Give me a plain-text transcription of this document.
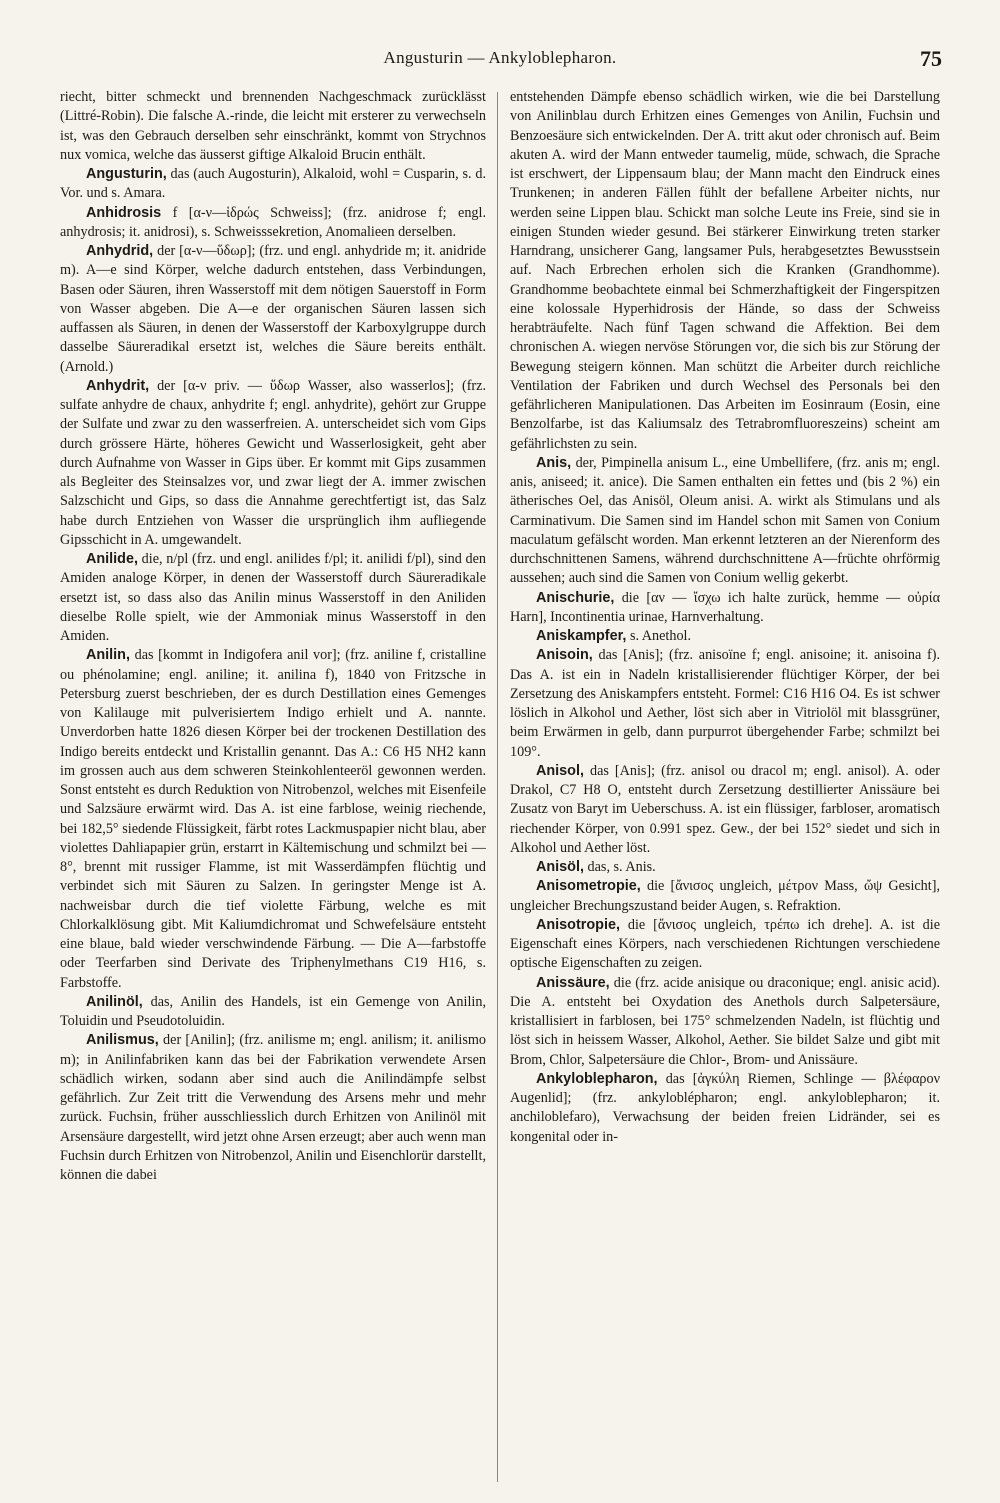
Angusturin — Ankyloblepharon.	75

riecht, bitter schmeckt und brennenden Nachgeschmack zurücklässt (Littré-Robin). Die falsche A.-rinde, die leicht mit ersterer zu verwechseln ist, was den Gebrauch derselben sehr einschränkt, kommt von Strychnos nux vomica, welche das äusserst giftige Alkaloid Brucin enthält.

Angusturin, das (auch Augosturin), Alkaloid, wohl = Cusparin, s. d. Vor. und s. Amara.

Anhidrosis f [α-ν—ἱδρώς Schweiss]; (frz. anidrose f; engl. anhydrosis; it. anidrosi), s. Schweisssekretion, Anomalieen derselben.

Anhydrid, der [α-ν—ὕδωρ]; (frz. und engl. anhydride m; it. anidride m). A—e sind Körper, welche dadurch entstehen, dass Verbindungen, Basen oder Säuren, ihren Wasserstoff mit dem nötigen Sauerstoff in Form von Wasser abgeben. Die A—e der organischen Säuren lassen sich auffassen als Säuren, in denen der Wasserstoff der Karboxylgruppe durch dasselbe Säureradikal ersetzt ist, welches die Säure bereits enthält. (Arnold.)

Anhydrit, der [α-ν priv. — ὕδωρ Wasser, also wasserlos]; (frz. sulfate anhydre de chaux, anhydrite f; engl. anhydrite), gehört zur Gruppe der Sulfate und zwar zu den wasserfreien. A. unterscheidet sich vom Gips durch grössere Härte, höheres Gewicht und Wasserlosigkeit, geht aber durch Aufnahme von Wasser in Gips über. Er kommt mit Gips zusammen als Begleiter des Steinsalzes vor, und zwar liegt der A. immer zwischen Salzschicht und Gips, so dass die Annahme gerechtfertigt ist, das Salz habe durch Entziehen von Wasser die ursprünglich ihm aufliegende Gipsschicht in A. umgewandelt.

Anilide, die, n/pl (frz. und engl. anilides f/pl; it. anilidi f/pl), sind den Amiden analoge Körper, in denen der Wasserstoff durch Säureradikale ersetzt ist, so dass also das Anilin minus Wasserstoff in den Aniliden dieselbe Rolle spielt, wie der Ammoniak minus Wasserstoff in den Amiden.

Anilin, das [kommt in Indigofera anil vor]; (frz. aniline f, cristalline ou phénolamine; engl. aniline; it. anilina f), 1840 von Fritzsche in Petersburg zuerst beschrieben, der es durch Destillation eines Gemenges von Kalilauge mit pulverisiertem Indigo erhielt und A. nannte. Unverdorben hatte 1826 diesen Körper bei der trockenen Destillation des Indigo bereits entdeckt und Kristallin genannt. Das A.: C6 H5 NH2 kann im grossen auch aus dem schweren Steinkohlenteeröl gewonnen werden. Sonst entsteht es durch Reduktion von Nitrobenzol, welches mit Eisenfeile und Salzsäure erwärmt wird. Das A. ist eine farblose, weinig riechende, bei 182,5° siedende Flüssigkeit, färbt rotes Lackmuspapier nicht blau, aber violettes Dahliapapier grün, erstarrt in Kältemischung und schmilzt bei —8°, brennt mit russiger Flamme, ist mit Wasserdämpfen flüchtig und verbindet sich mit Säuren zu Salzen. In geringster Menge ist A. nachweisbar durch die tief violette Färbung, welche es mit Chlorkalklösung gibt. Mit Kaliumdichromat und Schwefelsäure entsteht eine blaue, bald wieder verschwindende Färbung. — Die A—farbstoffe oder Teerfarben sind Derivate des Triphenylmethans C19 H16, s. Farbstoffe.

Anilinöl, das, Anilin des Handels, ist ein Gemenge von Anilin, Toluidin und Pseudotoluidin.

Anilismus, der [Anilin]; (frz. anilisme m; engl. anilism; it. anilismo m); in Anilinfabriken kann das bei der Fabrikation verwendete Arsen schädlich wirken, sodann aber sind auch die Anilindämpfe selbst gefährlich. Zur Zeit tritt die Verwendung des Arsens mehr und mehr zurück. Fuchsin, früher ausschliesslich durch Erhitzen von Anilinöl mit Arsensäure dargestellt, wird jetzt ohne Arsen erzeugt; aber auch wenn man Fuchsin durch Erhitzen von Nitrobenzol, Anilin und Eisenchlorür darstellt, können die dabei

entstehenden Dämpfe ebenso schädlich wirken, wie die bei Darstellung von Anilinblau durch Erhitzen eines Gemenges von Anilin, Fuchsin und Benzoesäure sich entwickelnden. Der A. tritt akut oder chronisch auf. Beim akuten A. wird der Mann entweder taumelig, müde, schwach, die Sprache ist erschwert, der Lippensaum blau; der Mann macht den Eindruck eines Trunkenen; in anderen Fällen fühlt der befallene Arbeiter nichts, nur werden seine Lippen blau. Schickt man solche Leute ins Freie, sind sie in einigen Stunden wieder gesund. Bei stärkerer Einwirkung treten starker Harndrang, unsicherer Gang, langsamer Puls, herabgesetztes Bewusstsein auf. Nach Erbrechen erholen sich die Kranken (Grandhomme). Grandhomme beobachtete einmal bei Schmerzhaftigkeit der Fingerspitzen eine kolossale Hyperhidrosis der Hände, so dass der Schweiss herabträufelte. Nach fünf Tagen schwand die Affektion. Bei dem chronischen A. wiegen nervöse Störungen vor, die sich bis zur Störung der Bewegung steigern können. Man schützt die Arbeiter durch reichliche Ventilation der Fabriken und durch Wechsel des Personals bei den gefährlicheren Manipulationen. Das Arbeiten im Eosinraum (Eosin, eine Benzolfarbe, ist das Kaliumsalz des Tetrabromfluoreszeins) scheint am gefährlichsten zu sein.

Anis, der, Pimpinella anisum L., eine Umbellifere, (frz. anis m; engl. anis, aniseed; it. anice). Die Samen enthalten ein fettes und (bis 2 %) ein ätherisches Oel, das Anisöl, Oleum anisi. A. wirkt als Stimulans und als Carminativum. Die Samen sind im Handel schon mit Samen von Conium maculatum gefälscht worden. Man erkennt letzteren an der Nierenform des durchschnittenen Samens, während durchschnittene A—früchte ohrförmig aussehen; auch sind die Samen von Conium wellig gekerbt.

Anischurie, die [αν — ἴσχω ich halte zurück, hemme — οὐρία Harn], Incontinentia urinae, Harnverhaltung.

Aniskampfer, s. Anethol.

Anisoin, das [Anis]; (frz. anisoïne f; engl. anisoine; it. anisoina f). Das A. ist ein in Nadeln kristallisierender flüchtiger Körper, der bei Zersetzung des Aniskampfers entsteht. Formel: C16 H16 O4. Es ist schwer löslich in Alkohol und Aether, löst sich aber in Vitriolöl mit blassgrüner, beim Erwärmen in gelb, dann purpurrot übergehender Farbe; schmilzt bei 109°.

Anisol, das [Anis]; (frz. anisol ou dracol m; engl. anisol). A. oder Drakol, C7 H8 O, entsteht durch Zersetzung destillierter Anissäure bei Zusatz von Baryt im Ueberschuss. A. ist ein flüssiger, farbloser, aromatisch riechender Körper, von 0.991 spez. Gew., der bei 152° siedet und sich in Alkohol und Aether löst.

Anisöl, das, s. Anis.

Anisometropie, die [ἄνισος ungleich, μέτρον Mass, ὤψ Gesicht], ungleicher Brechungszustand beider Augen, s. Refraktion.

Anisotropie, die [ἄνισος ungleich, τρέπω ich drehe]. A. ist die Eigenschaft eines Körpers, nach verschiedenen Richtungen verschiedene optische Eigenschaften zu zeigen.

Anissäure, die (frz. acide anisique ou draconique; engl. anisic acid). Die A. entsteht bei Oxydation des Anethols durch Salpetersäure, kristallisiert in farblosen, bei 175° schmelzenden Nadeln, ist flüchtig und löst sich in heissem Wasser, Alkohol, Aether. Sie bildet Salze und gibt mit Brom, Chlor, Salpetersäure die Chlor-, Brom- und Anissäure.

Ankyloblepharon, das [ἀγκύλη Riemen, Schlinge — βλέφαρον Augenlid]; (frz. ankyloblépharon; engl. ankyloblepharon; it. anchiloblefaro), Verwachsung der beiden freien Lidränder, sei es kongenital oder in-
